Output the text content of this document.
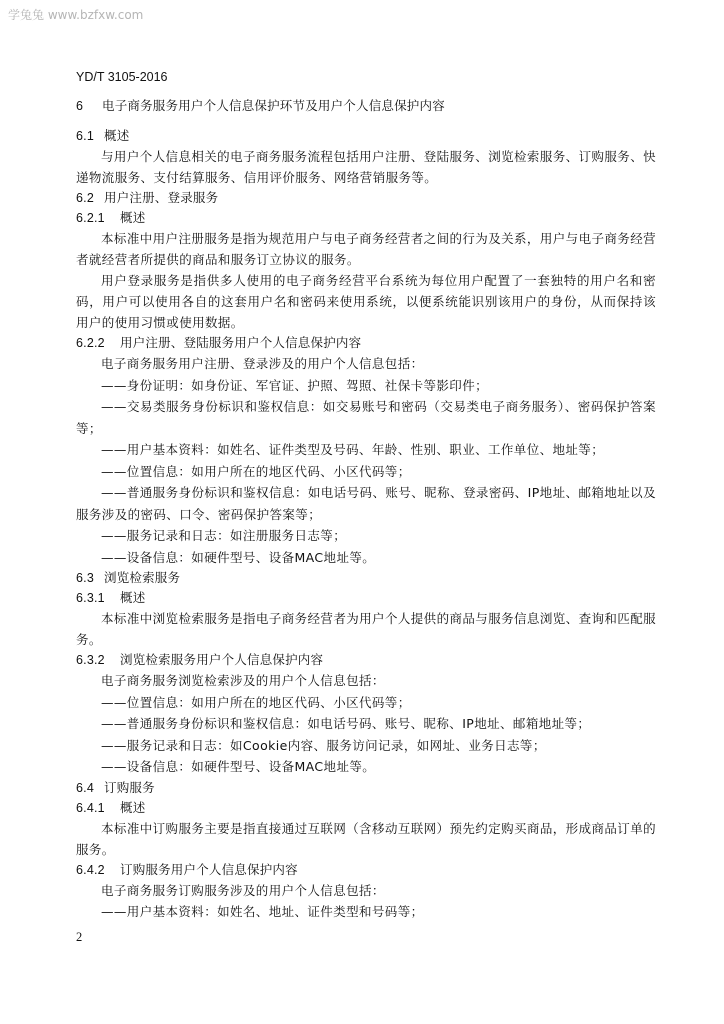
学兔兔 www.bzfxw.com
YD/T 3105-2016
6 电子商务服务用户个人信息保护环节及用户个人信息保护内容
6.1 概述

与用户个人信息相关的电子商务服务流程包括用户注册、登陆服务、浏览检索服务、订购服务、快递物流服务、支付结算服务、信用评价服务、网络营销服务等。

6.2 用户注册、登录服务
6.2.1 概述

本标准中用户注册服务是指为规范用户与电子商务经营者之间的行为及关系，用户与电子商务经营者就经营者所提供的商品和服务订立协议的服务。

用户登录服务是指供多人使用的电子商务经营平台系统为每位用户配置了一套独特的用户名和密码，用户可以使用各自的这套用户名和密码来使用系统，以便系统能识别该用户的身份，从而保持该用户的使用习惯或使用数据。

6.2.2 用户注册、登陆服务用户个人信息保护内容

电子商务服务用户注册、登录涉及的用户个人信息包括：

——身份证明：如身份证、军官证、护照、驾照、社保卡等影印件；

——交易类服务身份标识和鉴权信息：如交易账号和密码（交易类电子商务服务）、密码保护答案等；

——用户基本资料：如姓名、证件类型及号码、年龄、性别、职业、工作单位、地址等；

——位置信息：如用户所在的地区代码、小区代码等；

——普通服务身份标识和鉴权信息：如电话号码、账号、昵称、登录密码、IP地址、邮箱地址以及服务涉及的密码、口令、密码保护答案等；

——服务记录和日志：如注册服务日志等；

——设备信息：如硬件型号、设备MAC地址等。

6.3 浏览检索服务
6.3.1 概述

本标准中浏览检索服务是指电子商务经营者为用户个人提供的商品与服务信息浏览、查询和匹配服务。

6.3.2 浏览检索服务用户个人信息保护内容

电子商务服务浏览检索涉及的用户个人信息包括：

——位置信息：如用户所在的地区代码、小区代码等；

——普通服务身份标识和鉴权信息：如电话号码、账号、昵称、IP地址、邮箱地址等；

——服务记录和日志：如Cookie内容、服务访问记录，如网址、业务日志等；

——设备信息：如硬件型号、设备MAC地址等。

6.4 订购服务
6.4.1 概述

本标准中订购服务主要是指直接通过互联网（含移动互联网）预先约定购买商品，形成商品订单的服务。

6.4.2 订购服务用户个人信息保护内容

电子商务服务订购服务涉及的用户个人信息包括：

——用户基本资料：如姓名、地址、证件类型和号码等；

2
